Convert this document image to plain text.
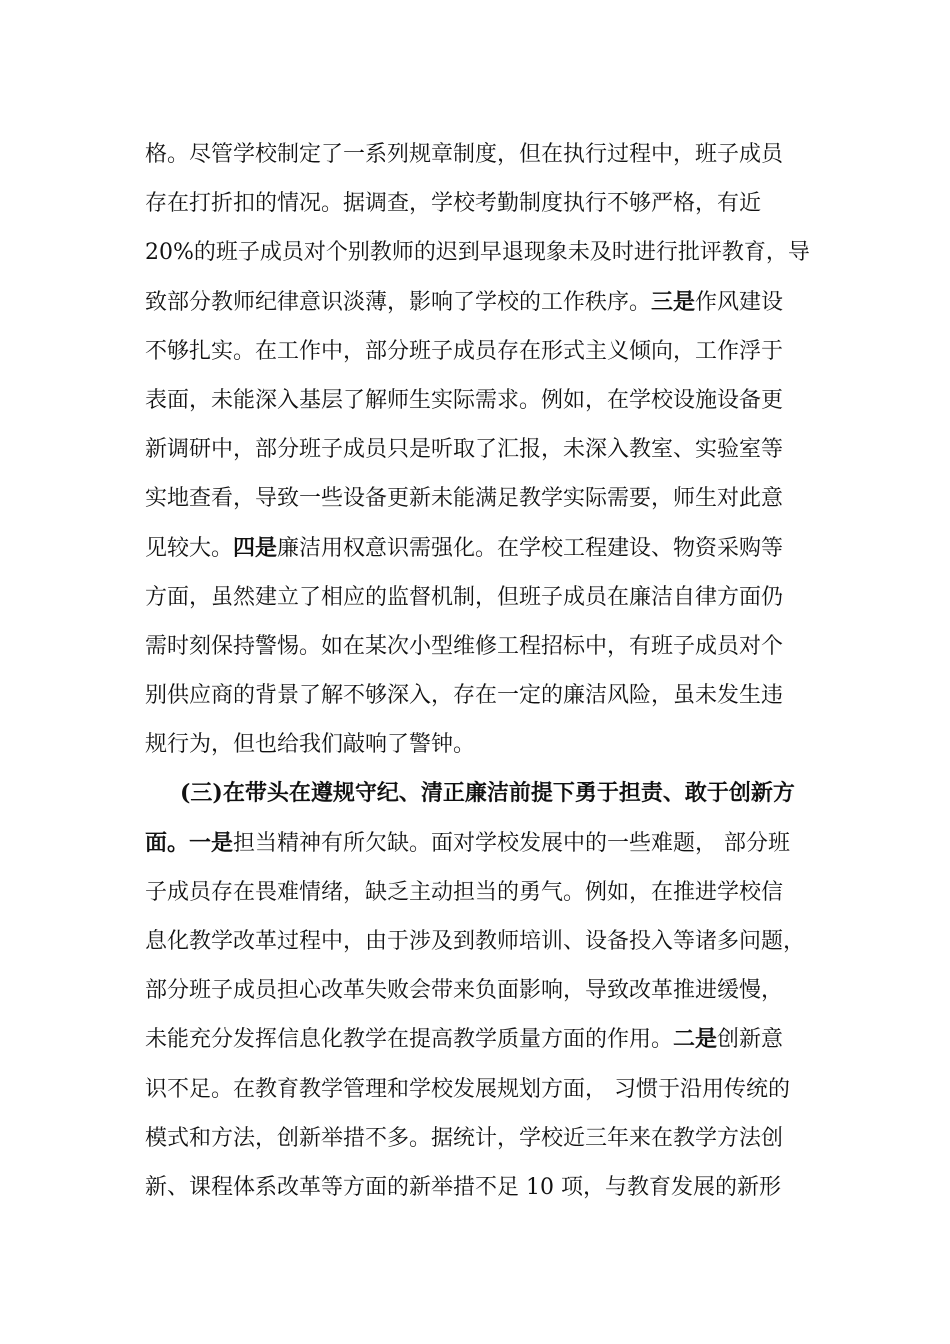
格。尽管学校制定了一系列规章制度，但在执行过程中，班子成员
存在打折扣的情况。据调查，学校考勤制度执行不够严格，有近
20%的班子成员对个别教师的迟到早退现象未及时进行批评教育，导
致部分教师纪律意识淡薄，影响了学校的工作秩序。三是作风建设
不够扎实。在工作中，部分班子成员存在形式主义倾向，工作浮于
表面，未能深入基层了解师生实际需求。例如，在学校设施设备更
新调研中，部分班子成员只是听取了汇报，未深入教室、实验室等
实地查看，导致一些设备更新未能满足教学实际需要，师生对此意
见较大。四是廉洁用权意识需强化。在学校工程建设、物资采购等
方面，虽然建立了相应的监督机制，但班子成员在廉洁自律方面仍
需时刻保持警惕。如在某次小型维修工程招标中，有班子成员对个
别供应商的背景了解不够深入，存在一定的廉洁风险，虽未发生违
规行为，但也给我们敲响了警钟。
(三)在带头在遵规守纪、清正廉洁前提下勇于担责、敢于创新方
面。一是担当精神有所欠缺。面对学校发展中的一些难题， 部分班
子成员存在畏难情绪，缺乏主动担当的勇气。例如，在推进学校信
息化教学改革过程中，由于涉及到教师培训、设备投入等诸多问题，
部分班子成员担心改革失败会带来负面影响，导致改革推进缓慢，
未能充分发挥信息化教学在提高教学质量方面的作用。二是创新意
识不足。在教育教学管理和学校发展规划方面， 习惯于沿用传统的
模式和方法，创新举措不多。据统计，学校近三年来在教学方法创
新、课程体系改革等方面的新举措不足 10 项，与教育发展的新形
